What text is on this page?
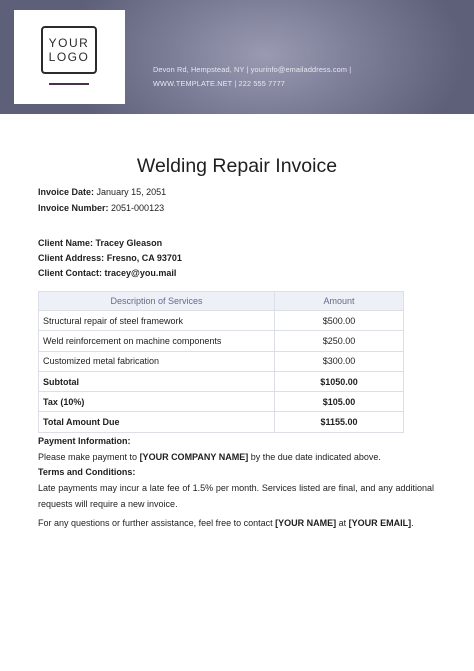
YOUR
LOGO
Devon Rd, Hempstead, NY | yourinfo@emailaddress.com |
WWW.TEMPLATE.NET | 222 555 7777
Welding Repair Invoice
Invoice Date: January 15, 2051
Invoice Number: 2051-000123
Client Name: Tracey Gleason
Client Address: Fresno, CA 93701
Client Contact: tracey@you.mail
Description of Services	Amount
Structural repair of steel framework	$500.00
Weld reinforcement on machine components	$250.00
Customized metal fabrication	$300.00
Subtotal	$1050.00
Tax (10%)	$105.00
Total Amount Due	$1155.00
Payment Information:
Please make payment to [YOUR COMPANY NAME] by the due date indicated above.
Terms and Conditions:
Late payments may incur a late fee of 1.5% per month. Services listed are final, and any additional requests will require a new invoice.
For any questions or further assistance, feel free to contact [YOUR NAME] at [YOUR EMAIL].
